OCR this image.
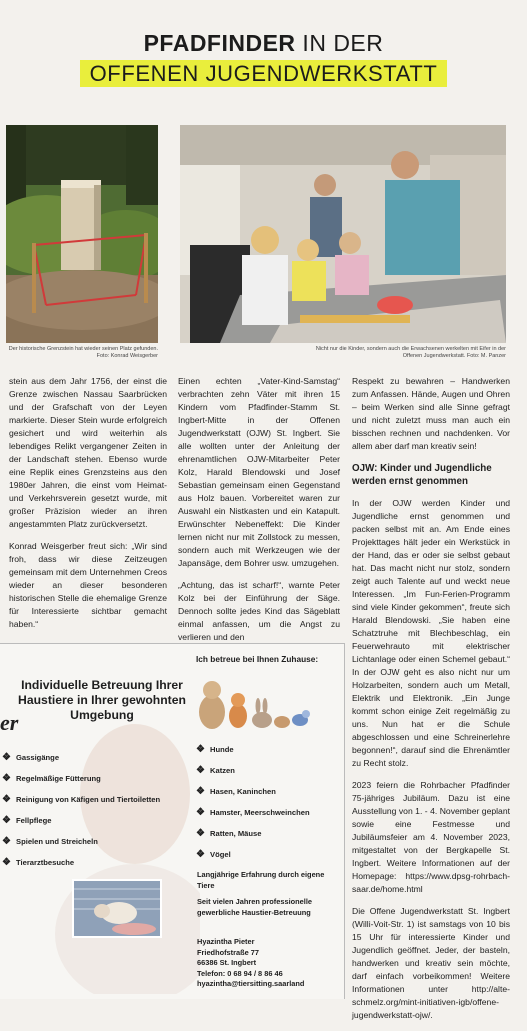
PFADFINDER IN DER
OFFENEN JUGENDWERKSTATT
Der historische Grenzstein hat wieder seinen Platz gefunden. Foto: Konrad Weisgerber
Nicht nur die Kinder, sondern auch die Erwachsenen werkelten mit Eifer in der Offenen Jugendwerkstatt. Foto: M. Panzer

stein aus dem Jahr 1756, der einst die Grenze zwischen Nassau Saarbrücken und der Grafschaft von der Leyen markierte. Dieser Stein wurde erfolgreich gesichert und wird weiterhin als lebendiges Relikt vergangener Zeiten in der Landschaft stehen. Ebenso wurde eine Replik eines Grenzsteins aus den 1980er Jahren, die einst vom Heimat- und Verkehrsverein gesetzt wurde, mit großer Präzision wieder an ihren angestammten Platz zurückversetzt.

Konrad Weisgerber freut sich: „Wir sind froh, dass wir diese Zeitzeugen gemeinsam mit dem Unternehmen Creos wieder an dieser besonderen historischen Stelle die ehemalige Grenze für Interessierte sichtbar gemacht haben.“

Einen echten „Vater-Kind-Samstag“ verbrachten zehn Väter mit ihren 15 Kindern vom Pfadfinder-Stamm St. Ingbert-Mitte in der Offenen Jugendwerkstatt (OJW) St. Ingbert. Sie alle wollten unter der Anleitung der ehrenamtlichen OJW-Mitarbeiter Peter Kolz, Harald Blendowski und Josef Sebastian gemeinsam einen Gegenstand aus Holz bauen. Vorbereitet waren zur Auswahl ein Nistkasten und ein Katapult. Erwünschter Nebeneffekt: Die Kinder lernen nicht nur mit Zollstock zu messen, sondern auch mit Werkzeugen wie der Japansäge, dem Bohrer usw. umzugehen.

„Achtung, das ist scharf!“, warnte Peter Kolz bei der Einführung der Säge. Dennoch sollte jedes Kind das Sägeblatt einmal anfassen, um die Angst zu verlieren und den

Respekt zu bewahren – Handwerken zum Anfassen. Hände, Augen und Ohren – beim Werken sind alle Sinne gefragt und nicht zuletzt muss man auch ein bisschen rechnen und nachdenken. Vor allem aber darf man kreativ sein!

OJW: Kinder und Jugendliche werden ernst genommen

In der OJW werden Kinder und Jugendliche ernst genommen und packen selbst mit an. Am Ende eines Projekttages hält jeder ein Werkstück in der Hand, das er oder sie selbst gebaut hat. Das macht nicht nur stolz, sondern zeigt auch Talente auf und weckt neue Interessen. „Im Fun-Ferien-Programm sind viele Kinder gekommen“, freute sich Harald Blendowski. „Sie haben eine Schatztruhe mit Blechbeschlag, ein Feuerwehrauto mit elektrischer Lichtanlage oder einen Schemel gebaut.“ In der OJW geht es also nicht nur um Holzarbeiten, sondern auch um Metall, Elektrik und Elektronik. „Ein Junge kommt schon einige Zeit regelmäßig zu uns. Nun hat er die Schule abgeschlossen und eine Schreinerlehre begonnen!“, darauf sind die Ehrenämtler zu Recht stolz.

2023 feiern die Rohrbacher Pfadfinder 75-jähriges Jubiläum. Dazu ist eine Ausstellung von 1. - 4. November geplant sowie eine Festmesse und Jubiläumsfeier am 4. November 2023, mitgestaltet von der Bergkapelle St. Ingbert. Weitere Informationen auf der Homepage: https://www.dpsg-rohrbach-saar.de/home.html

Die Offene Jugendwerkstatt St. Ingbert (Willi-Voit-Str. 1) ist samstags von 10 bis 15 Uhr für interessierte Kinder und Jugendlich geöffnet. Jeder, der basteln, handwerken und kreativ sein möchte, darf einfach vorbeikommen! Weitere Informationen unter http://alte-schmelz.org/mint-initiativen-igb/offene-jugendwerkstatt-ojw/.

Individuelle Betreuung Ihrer Haustiere in Ihrer gewohnten Umgebung
er
❖ Gassigänge
❖ Regelmäßige Fütterung
❖ Reinigung von Käfigen und Tiertoiletten
❖ Fellpflege
❖ Spielen und Streicheln
❖ Tierarztbesuche
Ich betreue bei Ihnen Zuhause:
❖ Hunde
❖ Katzen
❖ Hasen, Kaninchen
❖ Hamster, Meerschweinchen
❖ Ratten, Mäuse
❖ Vögel
Langjährige Erfahrung durch eigene Tiere
Seit vielen Jahren professionelle gewerbliche Haustier-Betreuung
Hyazintha Pieter
Friedhofstraße 77
66386 St. Ingbert
Telefon: 0 68 94 / 8 86 46
hyazintha@tiersitting.saarland
